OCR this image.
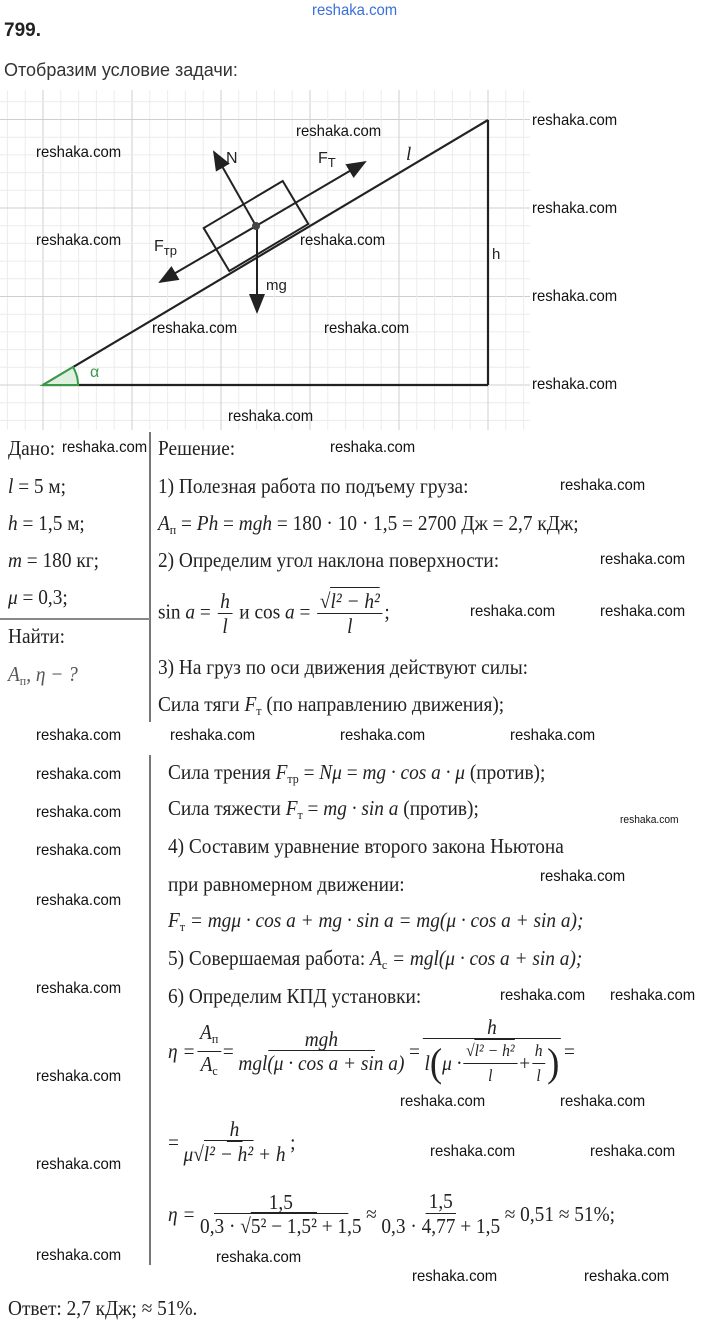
reshaka.com
799.
Отобразим условие задачи:
N	$F_Т$
$F_{тр}$
mg
l
h
α
Дано:
l = 5 м;
h = 1,5 м;
m = 180 кг;
μ = 0,3;
Найти:
$A_п$, η − ?
Решение:
1) Полезная работа по подъему груза:
$A_п = Ph$ = mgh = 180 · 10 · 1,5 = 2700 Дж = 2,7 кДж;
2) Определим угол наклона поверхности:
$\sin a = \frac{h}{l}$ и $\cos a = \frac{\text{√l² − h²}}{l}$ ;
3) На груз по оси движения действуют силы:
Сила тяги $F_т$ (по направлению движения);
Сила трения $F_{тр} = N\mu$ = mg · cos a · μ (против);
Сила тяжести $F_т$ = mg · sin a (против);
4) Составим уравнение второго закона Ньютона
при равномерном движении:
$F_т = mg\mu \cdot \cos a$ + mg · sin a = mg(μ · cos a + sin a);
5) Совершаемая работа: $A_c = mgl(\mu \cdot \cos a + \sin a)$;
6) Определим КПД установки:
$\eta = \frac{A_п}{A_c} = \frac{\text{mgh}}{\text{mgl(μ · cos a + sin a)}} = \frac{h}{l ( \mu \cdot \frac{\text{√l² − h²}}{l} + \frac{h}{l} )}$ =
= $\frac{h}{\text{μ√l² − h² + h}}$ ;
$\eta = \frac{1,5}{\text{0,3 · √5² − 1,5² + 1,5}} \approx \frac{1,5}{0,3 \cdot 4,77 + 1,5} \approx 0,51 \approx 51\%$;
Ответ: 2,7 кДж; ≈ 51%.
reshaka.com
reshaka.com
reshaka.com
reshaka.com	reshaka.com
reshaka.com
reshaka.com
reshaka.com	reshaka.com
reshaka.com
reshaka.com
reshaka.com
reshaka.com
reshaka.com
reshaka.com
reshaka.com
reshaka.com	reshaka.com
reshaka.com	reshaka.com	reshaka.com
reshaka.com
reshaka.com
reshaka.com
reshaka.com
reshaka.com
reshaka.com
reshaka.com
reshaka.com	reshaka.com
reshaka.com
reshaka.com	reshaka.com
reshaka.com
reshaka.com	reshaka.com
reshaka.com	reshaka.com
reshaka.com	reshaka.com
